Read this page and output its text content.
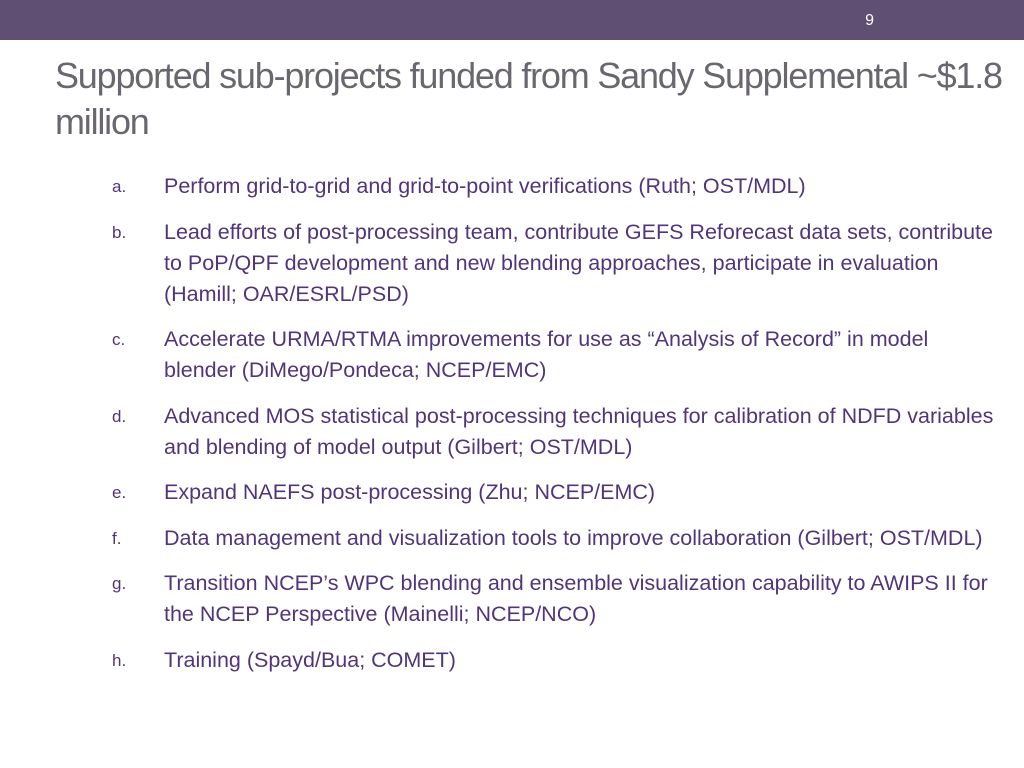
9
Supported sub-projects funded from Sandy Supplemental ~$1.8 million
a. Perform grid-to-grid and grid-to-point verifications (Ruth; OST/MDL)
b. Lead efforts of post-processing team, contribute GEFS Reforecast data sets, contribute to PoP/QPF development and new blending approaches, participate in evaluation (Hamill; OAR/ESRL/PSD)
c. Accelerate URMA/RTMA improvements for use as “Analysis of Record” in model blender (DiMego/Pondeca; NCEP/EMC)
d. Advanced MOS statistical post-processing techniques for calibration of NDFD variables and blending of model output (Gilbert; OST/MDL)
e. Expand NAEFS post-processing (Zhu; NCEP/EMC)
f. Data management and visualization tools to improve collaboration (Gilbert; OST/MDL)
g. Transition NCEP’s WPC blending and ensemble visualization capability to AWIPS II for the NCEP Perspective (Mainelli; NCEP/NCO)
h. Training (Spayd/Bua; COMET)
